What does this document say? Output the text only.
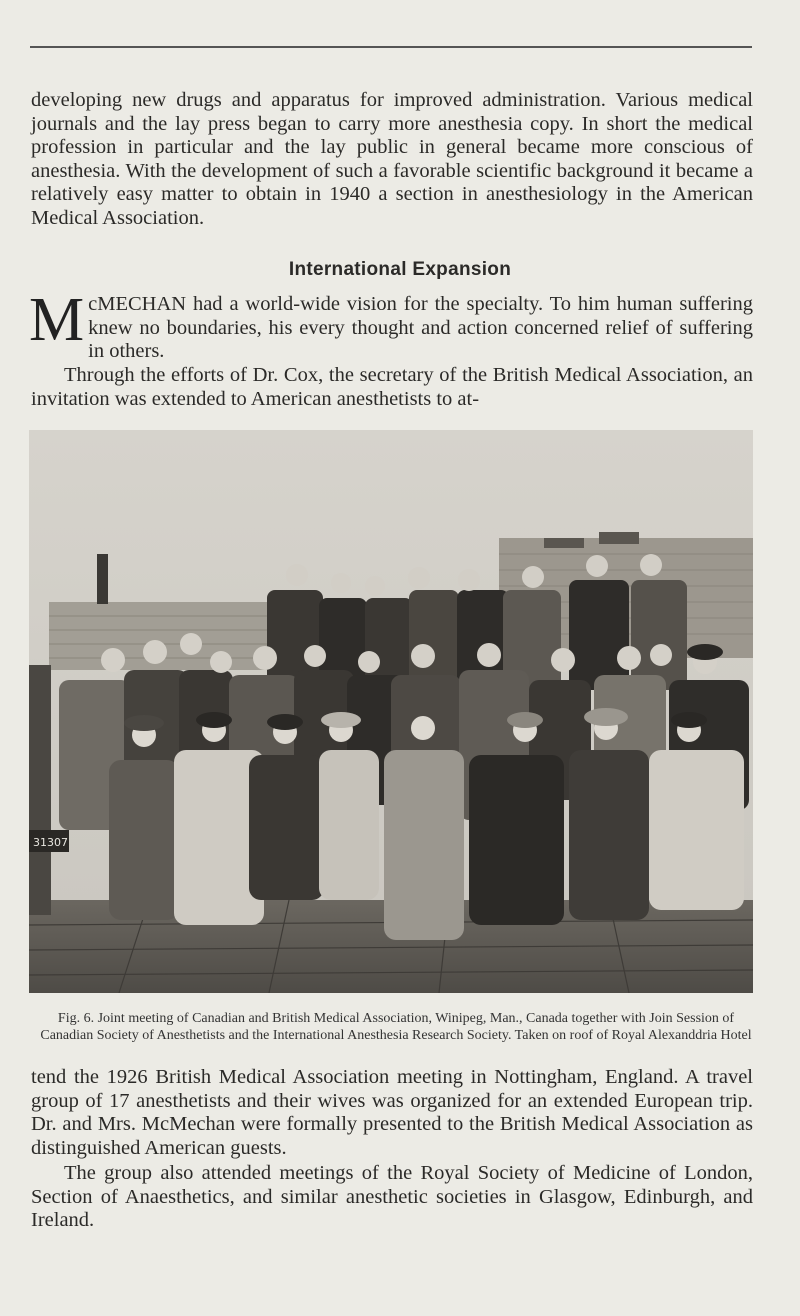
developing new drugs and apparatus for improved administration. Various medical journals and the lay press began to carry more anesthesia copy. In short the medical profession in particular and the lay public in general became more conscious of anesthesia. With the development of such a favorable scientific background it became a relatively easy matter to obtain in 1940 a section in anesthesiology in the American Medical Association.

International Expansion

McMECHAN had a world-wide vision for the specialty. To him human suffering knew no boundaries, his every thought and action concerned relief of suffering in others.

Through the efforts of Dr. Cox, the secretary of the British Medical Association, an invitation was extended to American anesthetists to at-

31307
Fig. 6. Joint meeting of Canadian and British Medical Association, Winipeg, Man., Canada together with Join Session of Canadian Society of Anesthetists and the International Anesthesia Research Society. Taken on roof of Royal Alexanddria Hotel

tend the 1926 British Medical Association meeting in Nottingham, England. A travel group of 17 anesthetists and their wives was organized for an extended European trip. Dr. and Mrs. McMechan were formally presented to the British Medical Association as distinguished American guests.

The group also attended meetings of the Royal Society of Medicine of London, Section of Anaesthetics, and similar anesthetic societies in Glasgow, Edinburgh, and Ireland.
